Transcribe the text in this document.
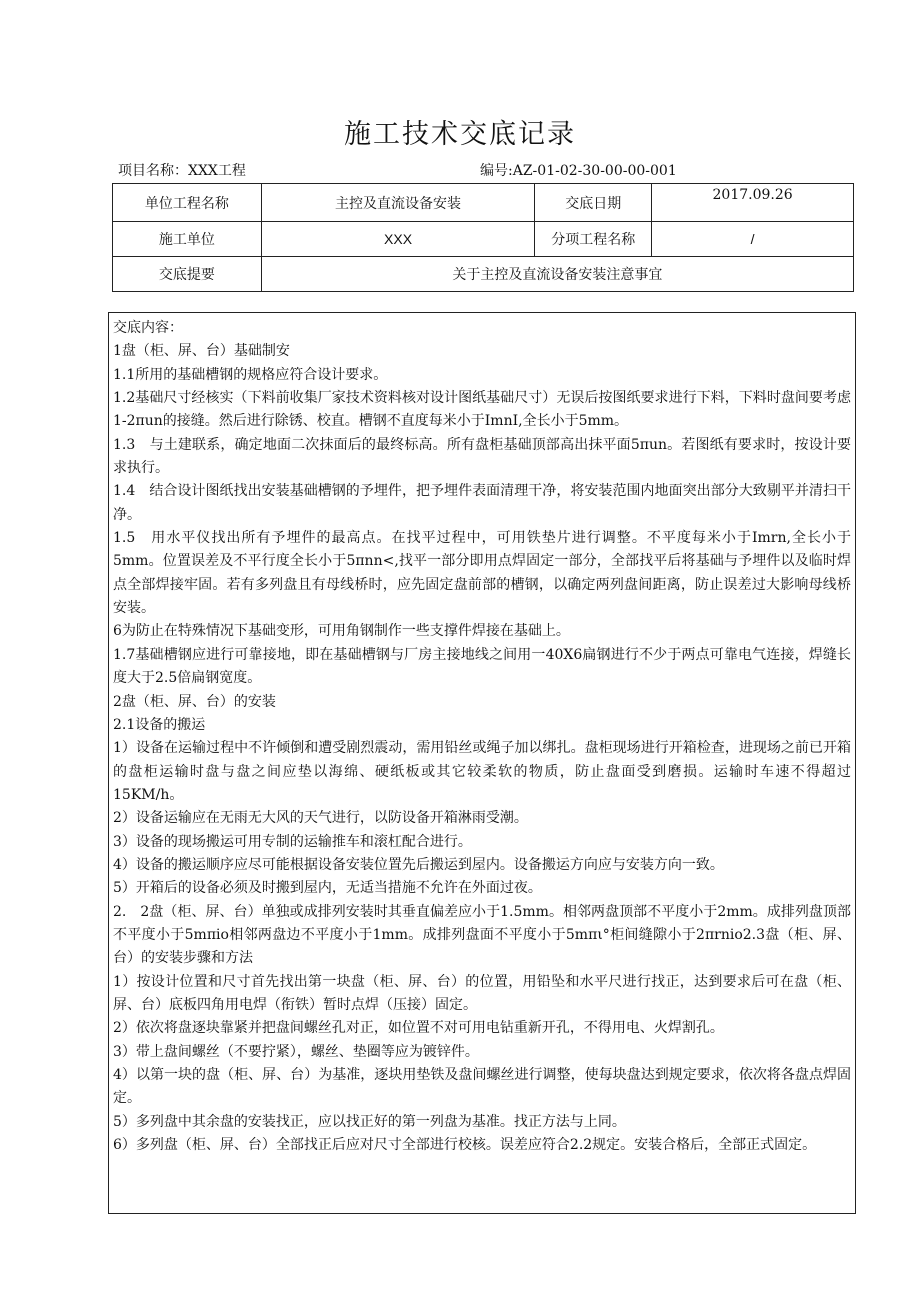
施工技术交底记录
项目名称：XXX工程	编号:AZ-01-02-30-00-00-001
单位工程名称	主控及直流设备安装	交底日期	2017.09.26
施工单位	XXX	分项工程名称	/
交底提要	关于主控及直流设备安装注意事宜		

交底内容：

1盘（柜、屏、台）基础制安

1.1所用的基础槽钢的规格应符合设计要求。

1.2基础尺寸经核实（下料前收集厂家技术资料核对设计图纸基础尺寸）无误后按图纸要求进行下料，下料时盘间要考虑1-2πun的接缝。然后进行除锈、校直。槽钢不直度每米小于ImnI,全长小于5mm。

1.3　与土建联系，确定地面二次抹面后的最终标高。所有盘柜基础顶部高出抹平面5πun。若图纸有要求时，按设计要求执行。

1.4　结合设计图纸找出安装基础槽钢的予埋件，把予埋件表面清理干净，将安装范围内地面突出部分大致剔平并清扫干净。

1.5　用水平仪找出所有予埋件的最高点。在找平过程中，可用铁垫片进行调整。不平度每米小于Imrn,全长小于5mm。位置误差及不平行度全长小于5πnn<,找平一部分即用点焊固定一部分，全部找平后将基础与予埋件以及临时焊点全部焊接牢固。若有多列盘且有母线桥时，应先固定盘前部的槽钢，以确定两列盘间距离，防止误差过大影响母线桥安装。

6为防止在特殊情况下基础变形，可用角钢制作一些支撑件焊接在基础上。

1.7基础槽钢应进行可靠接地，即在基础槽钢与厂房主接地线之间用一40X6扁钢进行不少于两点可靠电气连接，焊缝长度大于2.5倍扁钢宽度。

2盘（柜、屏、台）的安装

2.1设备的搬运

1）设备在运输过程中不许倾倒和遭受剧烈震动，需用铅丝或绳子加以绑扎。盘柜现场进行开箱检查，进现场之前已开箱的盘柜运输时盘与盘之间应垫以海绵、硬纸板或其它较柔软的物质，防止盘面受到磨损。运输时车速不得超过15KM/h。

2）设备运输应在无雨无大风的天气进行，以防设备开箱淋雨受潮。

3）设备的现场搬运可用专制的运输推车和滚杠配合进行。

4）设备的搬运顺序应尽可能根据设备安装位置先后搬运到屋内。设备搬运方向应与安装方向一致。

5）开箱后的设备必须及时搬到屋内，无适当措施不允许在外面过夜。

2.　2盘（柜、屏、台）单独或成排列安装时其垂直偏差应小于1.5mm。相邻两盘顶部不平度小于2mm。成排列盘顶部不平度小于5mπio相邻两盘边不平度小于1mm。成排列盘面不平度小于5mπι°柜间缝隙小于2πrnio2.3盘（柜、屏、台）的安装步骤和方法

1）按设计位置和尺寸首先找出第一块盘（柜、屏、台）的位置，用铅坠和水平尺进行找正，达到要求后可在盘（柜、屏、台）底板四角用电焊（衔铁）暂时点焊（压接）固定。

2）依次将盘逐块靠紧并把盘间螺丝孔对正，如位置不对可用电钻重新开孔，不得用电、火焊割孔。

3）带上盘间螺丝（不要拧紧），螺丝、垫圈等应为镀锌件。

4）以第一块的盘（柜、屏、台）为基准，逐块用垫铁及盘间螺丝进行调整，使每块盘达到规定要求，依次将各盘点焊固定。

5）多列盘中其余盘的安装找正，应以找正好的第一列盘为基准。找正方法与上同。

6）多列盘（柜、屏、台）全部找正后应对尺寸全部进行校核。误差应符合2.2规定。安装合格后，全部正式固定。
